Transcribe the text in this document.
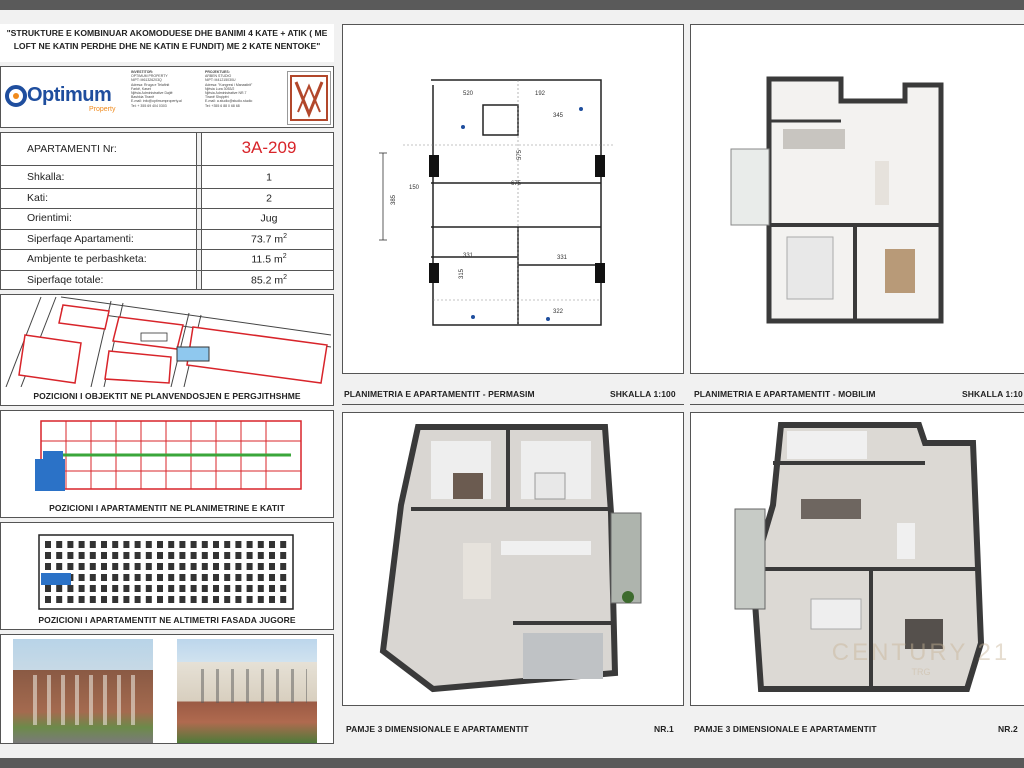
"STRUKTURE E KOMBINUAR AKOMODUESE DHE BANIMI 4 KATE + ATIK ( ME
LOFT NE KATIN PERDHE DHE NE KATIN E FUNDIT) ME 2 KATE NENTOKE"
Optimum
Property
INVESTITOR:
OPTIMUM PROPERTY
NIPT: M61326203Q
Adresa: Rruga e Telafinit
Farkë, Kaset
Njësia Administrative Dajtë
Bashkia Tiranë
E-mail: info@optimumproperty.al
Tel: + 355 69 404 0303
PROJEKTUES:
ARBEN STUDIO
NIPT: M41215030U
Adresa: "Kongresi i Manastirit"
Njësia Lura 3053/2
Njësia Administrative NR.7
Tiranë Shqipëri
E-mail: a.studio@studio.studio
Tel: +355 6 88 0 68 68
APARTAMENTI Nr:	3A-209
Shkalla:	1
Kati:	2
Orientimi:	Jug
Siperfaqe Apartamenti:	73.7 $m^2$
Ambjente te perbashketa:	11.5 $m^2$
Siperfaqe totale:	85.2 $m^2$
POZICIONI I OBJEKTIT NE PLANVENDOSJEN E PERGJITHSHME
POZICIONI I APARTAMENTIT NE PLANIMETRINE E KATIT
POZICIONI I APARTAMENTIT NE ALTIMETRI FASADA JUGORE
520	192
345
575
675
150
385
331
315
331
322
PLANIMETRIA E APARTAMENTIT - PERMASIM	SHKALLA 1:100
PAMJE 3 DIMENSIONALE E APARTAMENTIT	NR.1
PLANIMETRIA E APARTAMENTIT - MOBILIM	SHKALLA 1:10
CENTURY 21
TRG
PAMJE 3 DIMENSIONALE E APARTAMENTIT	NR.2
